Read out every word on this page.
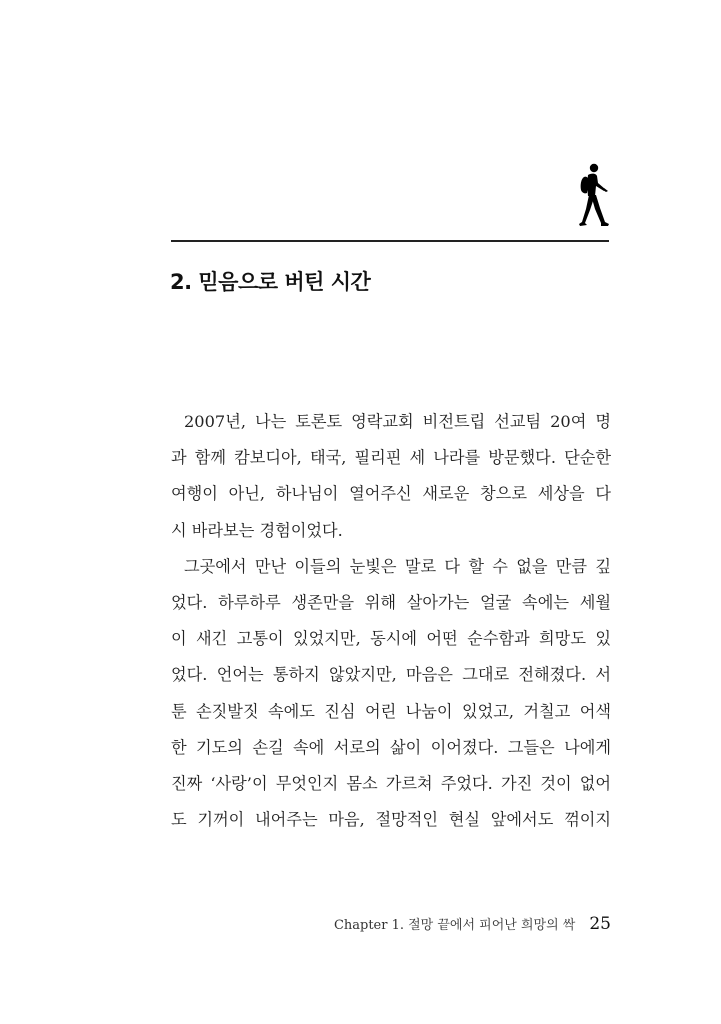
2. 믿음으로 버틴 시간
2007년, 나는 토론토 영락교회 비전트립 선교팀 20여 명
과 함께 캄보디아, 태국, 필리핀 세 나라를 방문했다. 단순한
여행이 아닌, 하나님이 열어주신 새로운 창으로 세상을 다
시 바라보는 경험이었다.
그곳에서 만난 이들의 눈빛은 말로 다 할 수 없을 만큼 깊
었다. 하루하루 생존만을 위해 살아가는 얼굴 속에는 세월
이 새긴 고통이 있었지만, 동시에 어떤 순수함과 희망도 있
었다. 언어는 통하지 않았지만, 마음은 그대로 전해졌다. 서
툰 손짓발짓 속에도 진심 어린 나눔이 있었고, 거칠고 어색
한 기도의 손길 속에 서로의 삶이 이어졌다. 그들은 나에게
진짜 ‘사랑’이 무엇인지 몸소 가르쳐 주었다. 가진 것이 없어
도 기꺼이 내어주는 마음, 절망적인 현실 앞에서도 꺾이지
Chapter 1. 절망 끝에서 피어난 희망의 싹 25
